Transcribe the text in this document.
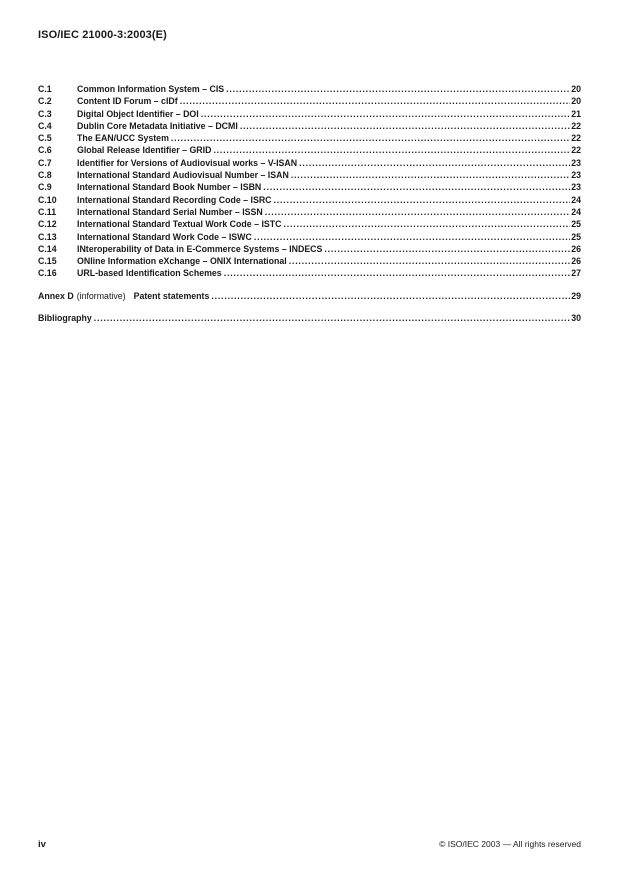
ISO/IEC 21000-3:2003(E)
C.1	Common Information System – CIS .....	20
C.2	Content ID Forum – cIDf .....	20
C.3	Digital Object Identifier – DOI .....	21
C.4	Dublin Core Metadata Initiative – DCMI .....	22
C.5	The EAN/UCC System .....	22
C.6	Global Release Identifier – GRID .....	22
C.7	Identifier for Versions of Audiovisual works – V-ISAN .....	23
C.8	International Standard Audiovisual Number – ISAN .....	23
C.9	International Standard Book Number – ISBN .....	23
C.10	International Standard Recording Code – ISRC .....	24
C.11	International Standard Serial Number – ISSN .....	24
C.12	International Standard Textual Work Code – ISTC .....	25
C.13	International Standard Work Code – ISWC .....	25
C.14	INteroperability of Data in E-Commerce Systems – INDECS .....	26
C.15	ONline Information eXchange – ONIX International .....	26
C.16	URL-based Identification Schemes .....	27
Annex D (informative) Patent statements .....	29
Bibliography .....	30
iv	© ISO/IEC 2003 — All rights reserved
